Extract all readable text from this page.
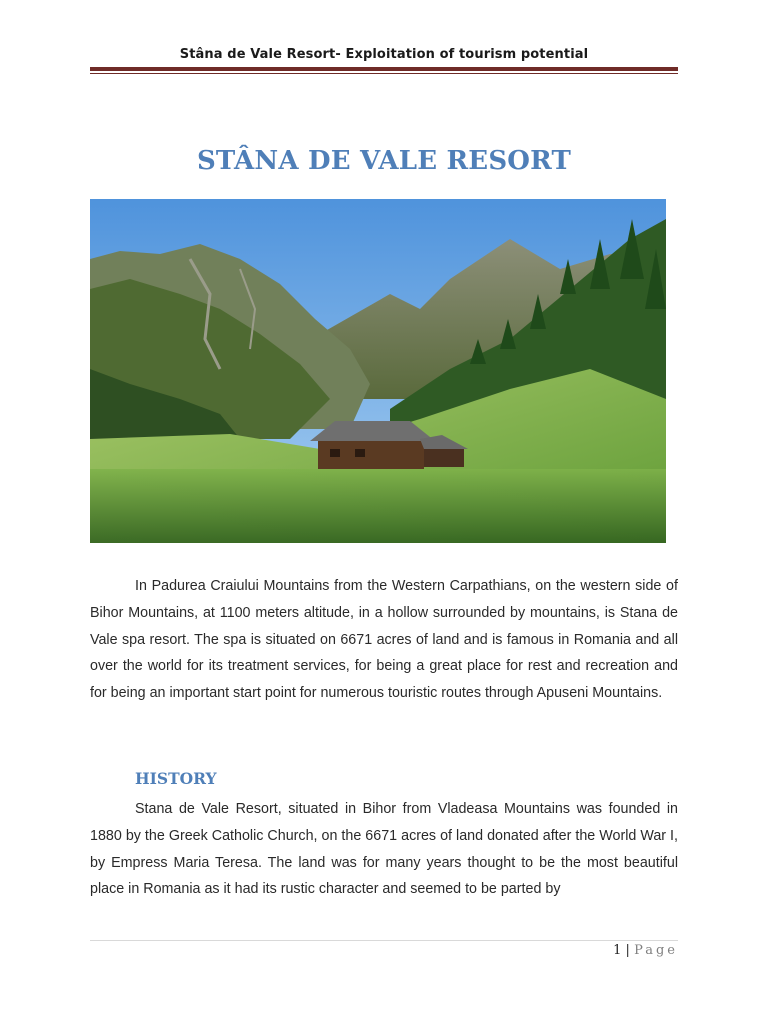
Stâna de Vale Resort- Exploitation of tourism potential
STÂNA DE VALE RESORT

In Padurea Craiului Mountains from the Western Carpathians, on the western side of Bihor Mountains, at 1100 meters altitude, in a hollow surrounded by mountains, is Stana de Vale spa resort. The spa is situated on 6671 acres of land and is famous in Romania and all over the world for its treatment services, for being a great place for rest and recreation and for being an important start point for numerous touristic routes through Apuseni Mountains.

HISTORY

Stana de Vale Resort, situated in Bihor from Vladeasa Mountains was founded in 1880 by the Greek Catholic Church, on the 6671 acres of land donated after the World War I, by Empress Maria Teresa. The land was for many years thought to be the most beautiful place in Romania as it had its rustic character and seemed to be parted by

1 | Page
